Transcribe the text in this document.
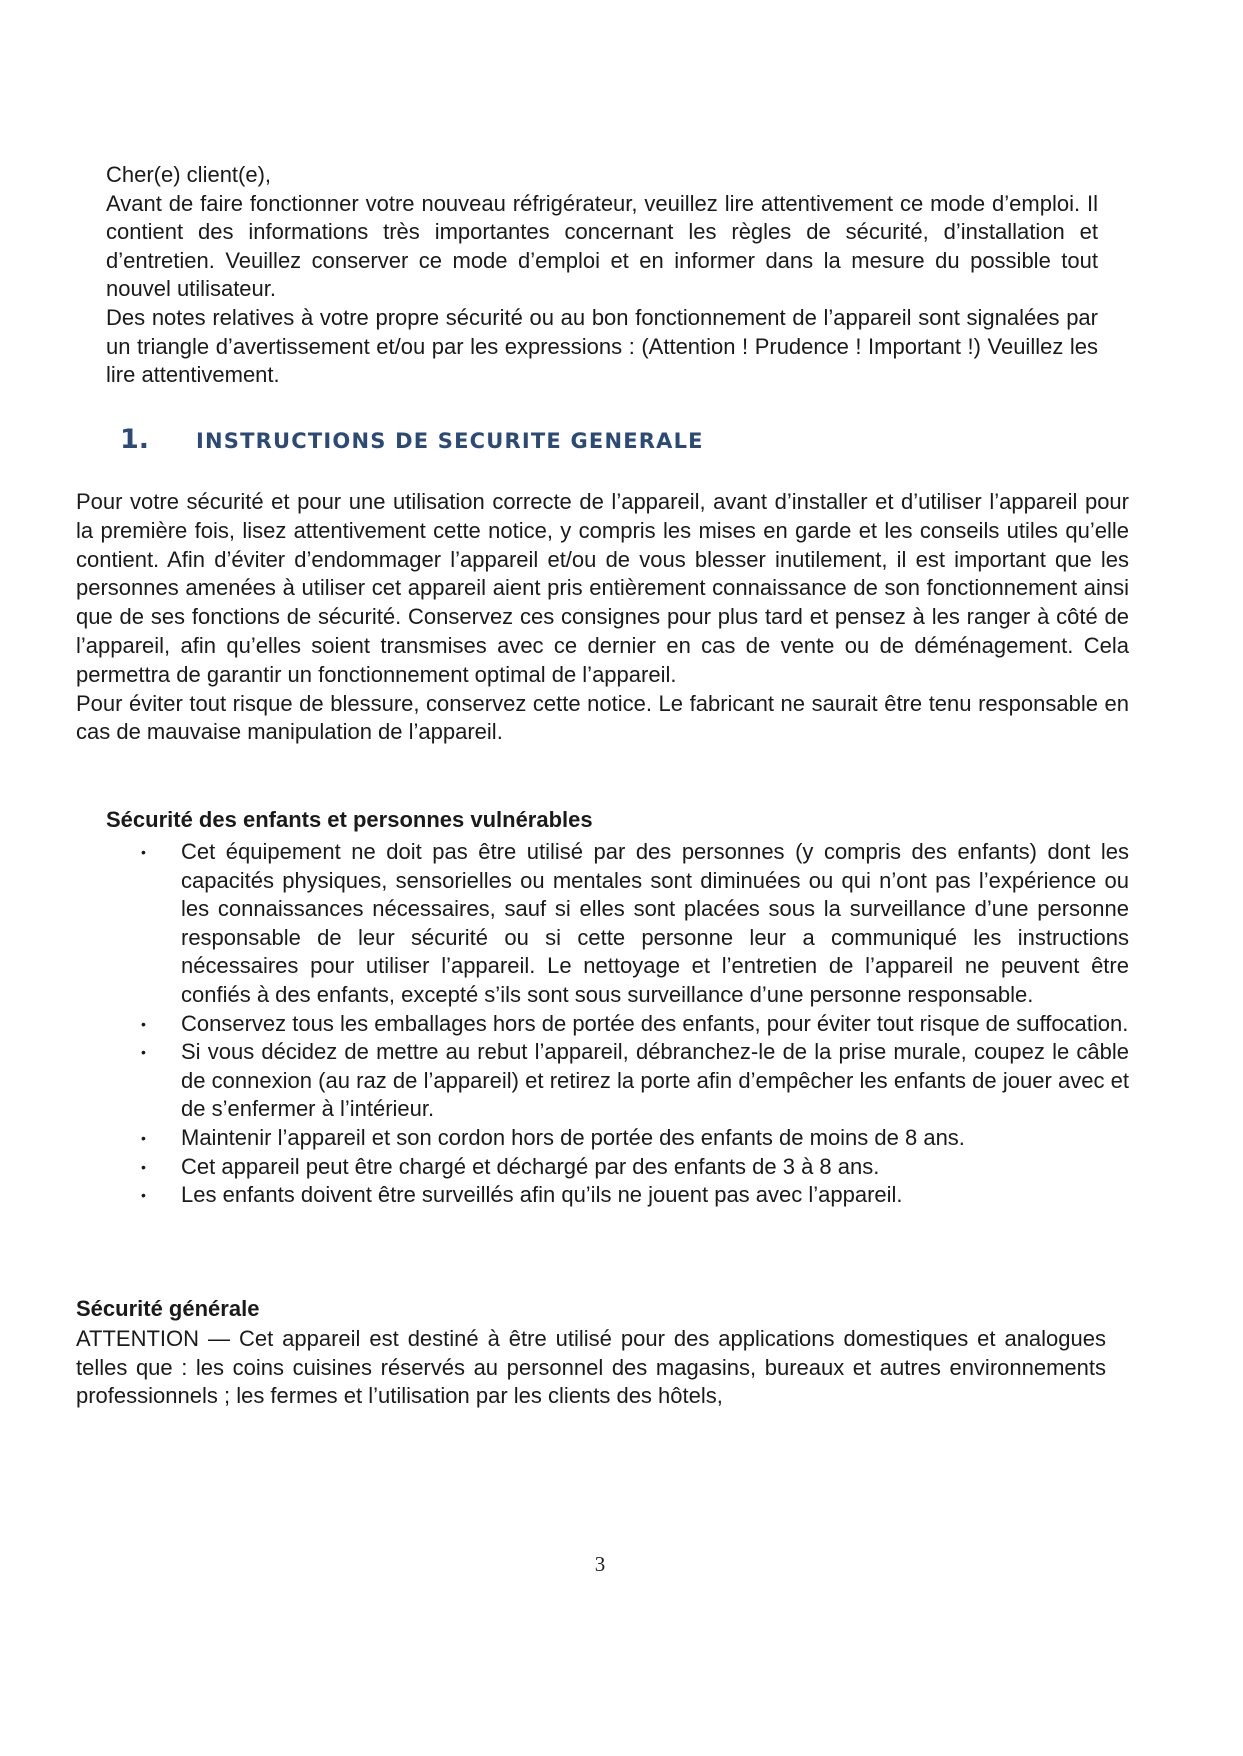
Cher(e) client(e),

Avant de faire fonctionner votre nouveau réfrigérateur, veuillez lire attentivement ce mode d’emploi. Il contient des informations très importantes concernant les règles de sécurité, d’installation et d’entretien. Veuillez conserver ce mode d’emploi et en informer dans la mesure du possible tout nouvel utilisateur.

Des notes relatives à votre propre sécurité ou au bon fonctionnement de l’appareil sont signalées par un triangle d’avertissement et/ou par les expressions : (Attention ! Prudence ! Important !) Veuillez les lire attentivement.

1.	INSTRUCTIONS DE SECURITE GENERALE

Pour votre sécurité et pour une utilisation correcte de l’appareil, avant d’installer et d’utiliser l’appareil pour la première fois, lisez attentivement cette notice, y compris les mises en garde et les conseils utiles qu’elle contient. Afin d’éviter d’endommager l’appareil et/ou de vous blesser inutilement, il est important que les personnes amenées à utiliser cet appareil aient pris entièrement connaissance de son fonctionnement ainsi que de ses fonctions de sécurité. Conservez ces consignes pour plus tard et pensez à les ranger à côté de l’appareil, afin qu’elles soient transmises avec ce dernier en cas de vente ou de déménagement. Cela permettra de garantir un fonctionnement optimal de l’appareil.

Pour éviter tout risque de blessure, conservez cette notice. Le fabricant ne saurait être tenu responsable en cas de mauvaise manipulation de l’appareil.

Sécurité des enfants et personnes vulnérables
• Cet équipement ne doit pas être utilisé par des personnes (y compris des enfants) dont les capacités physiques, sensorielles ou mentales sont diminuées ou qui n’ont pas l’expérience ou les connaissances nécessaires, sauf si elles sont placées sous la surveillance d’une personne responsable de leur sécurité ou si cette personne leur a communiqué les instructions nécessaires pour utiliser l’appareil. Le nettoyage et l’entretien de l’appareil ne peuvent être confiés à des enfants, excepté s’ils sont sous surveillance d’une personne responsable.
• Conservez tous les emballages hors de portée des enfants, pour éviter tout risque de suffocation.
• Si vous décidez de mettre au rebut l’appareil, débranchez-le de la prise murale, coupez le câble de connexion (au raz de l’appareil) et retirez la porte afin d’empêcher les enfants de jouer avec et de s’enfermer à l’intérieur.
• Maintenir l’appareil et son cordon hors de portée des enfants de moins de 8 ans.
• Cet appareil peut être chargé et déchargé par des enfants de 3 à 8 ans.
• Les enfants doivent être surveillés afin qu’ils ne jouent pas avec l’appareil.
Sécurité générale

ATTENTION — Cet appareil est destiné à être utilisé pour des applications domestiques et analogues telles que : les coins cuisines réservés au personnel des magasins, bureaux et autres environnements professionnels ; les fermes et l’utilisation par les clients des hôtels,

3
